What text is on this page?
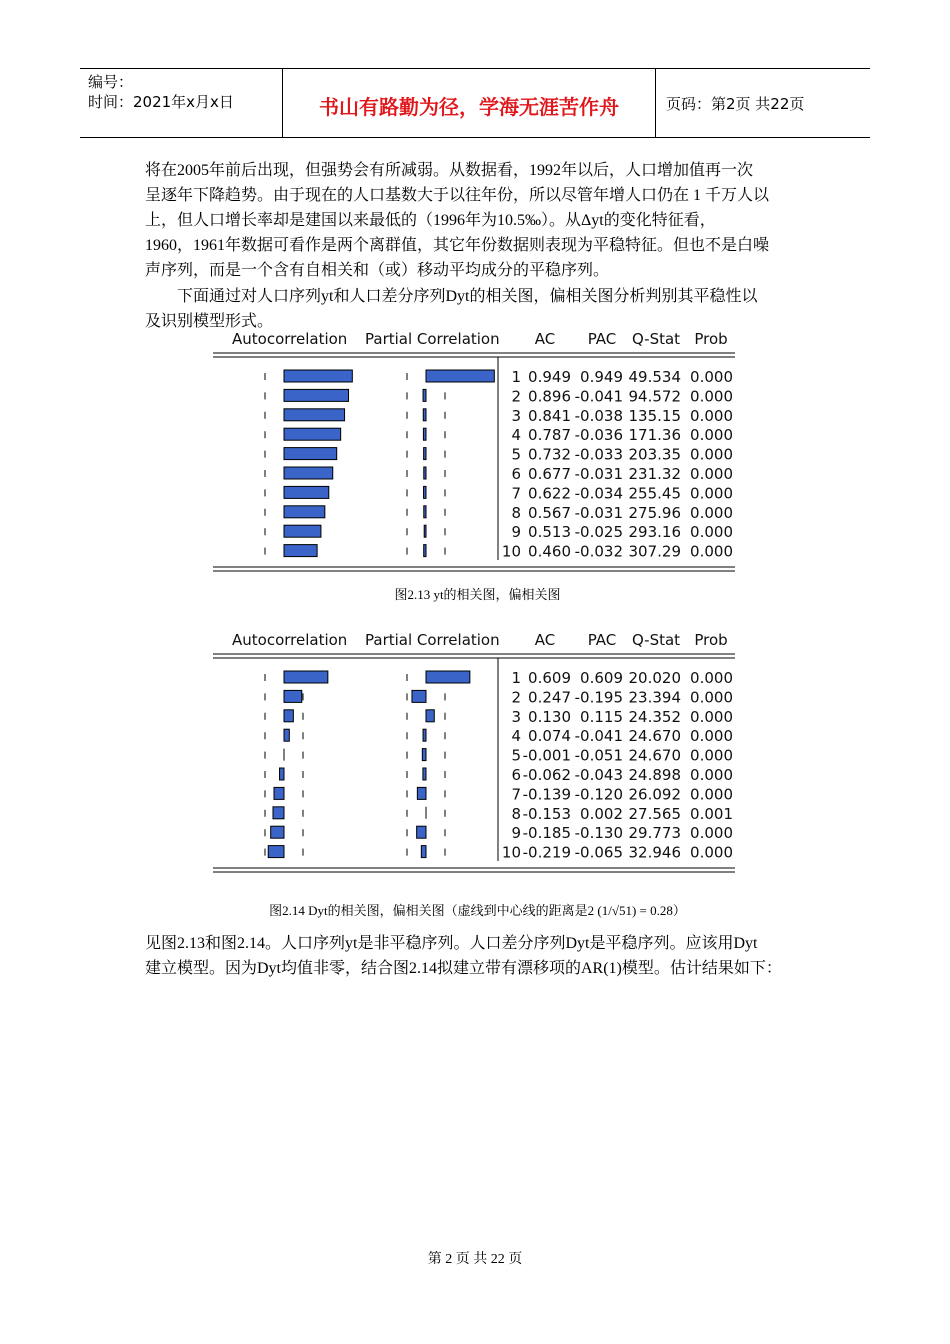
编号：
时间：2021年x月x日	书山有路勤为径，学海无涯苦作舟	页码：第2页 共22页

将在2005年前后出现，但强势会有所减弱。从数据看，1992年以后，人口增加值再一次

呈逐年下降趋势。由于现在的人口基数大于以往年份，所以尽管年增人口仍在 1 千万人以

上，但人口增长率却是建国以来最低的（1996年为10.5‰）。从Δyt的变化特征看，

1960，1961年数据可看作是两个离群值，其它年份数据则表现为平稳特征。但也不是白噪

声序列，而是一个含有自相关和（或）移动平均成分的平稳序列。

下面通过对人口序列yt和人口差分序列Dyt的相关图，偏相关图分析判别其平稳性以

及识别模型形式。

Autocorrelation Partial Correlation AC PAC Q-Stat Prob
1 0.949 0.949 49.534 0.000
2 0.896 -0.041 94.572 0.000
3 0.841 -0.038 135.15 0.000
4 0.787 -0.036 171.36 0.000
5 0.732 -0.033 203.35 0.000
6 0.677 -0.031 231.32 0.000
7 0.622 -0.034 255.45 0.000
8 0.567 -0.031 275.96 0.000
9 0.513 -0.025 293.16 0.000
10 0.460 -0.032 307.29 0.000
图2.13 yt的相关图，偏相关图
Autocorrelation Partial Correlation AC PAC Q-Stat Prob
1 0.609 0.609 20.020 0.000
2 0.247 -0.195 23.394 0.000
3 0.130 0.115 24.352 0.000
4 0.074 -0.041 24.670 0.000
5 -0.001 -0.051 24.670 0.000
6 -0.062 -0.043 24.898 0.000
7 -0.139 -0.120 26.092 0.000
8 -0.153 0.002 27.565 0.001
9 -0.185 -0.130 29.773 0.000
10 -0.219 -0.065 32.946 0.000
图2.14 Dyt的相关图，偏相关图（虚线到中心线的距离是2 (1/√51) = 0.28）

见图2.13和图2.14。人口序列yt是非平稳序列。人口差分序列Dyt是平稳序列。应该用Dyt

建立模型。因为Dyt均值非零，结合图2.14拟建立带有漂移项的AR(1)模型。估计结果如下：

第 2 页 共 22 页
